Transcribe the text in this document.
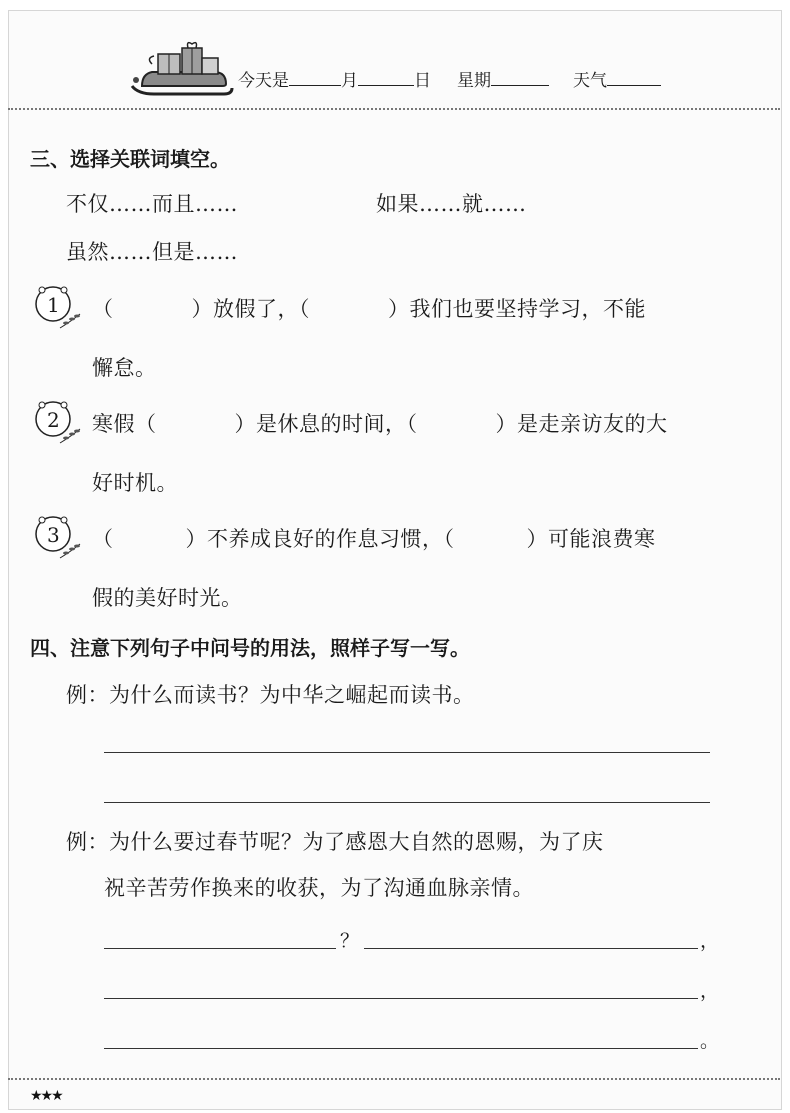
今天是	月	日 星期	天气
三、选择关联词填空。
不仅……而且……	如果……就……
虽然……但是……
1 （	）放假了，（	）我们也要坚持学习，不能
懈怠。
2 寒假（	）是休息的时间，（	）是走亲访友的大
好时机。
3 （	）不养成良好的作息习惯，（	）可能浪费寒
假的美好时光。
四、注意下列句子中问号的用法，照样子写一写。
例：为什么而读书？为中华之崛起而读书。
例：为什么要过春节呢？为了感恩大自然的恩赐，为了庆
祝辛苦劳作换来的收获，为了沟通血脉亲情。
？	，
，
。
★★★
